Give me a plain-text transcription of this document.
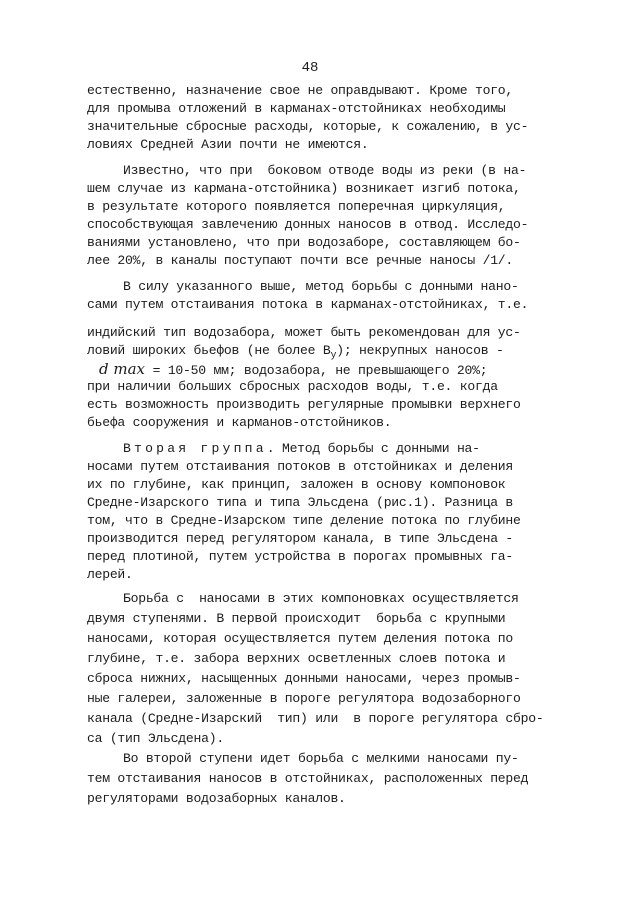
48
естественно, назначение свое не оправдывают. Кроме того,
для промыва отложений в карманах-отстойниках необходимы
значительные сбросные расходы, которые, к сожалению, в ус-
ловиях Средней Азии почти не имеются.
Известно, что при  боковом отводе воды из реки (в на-
шем случае из кармана-отстойника) возникает изгиб потока,
в результате которого появляется поперечная циркуляция,
способствующая завлечению донных наносов в отвод. Исследо-
ваниями установлено, что при водозаборе, составляющем бо-
лее 20%, в каналы поступают почти все речные наносы /1/.
В силу указанного выше, метод борьбы с донными нано-
сами путем отстаивания потока в карманах-отстойниках, т.е.
индийский тип водозабора, может быть рекомендован для ус-
ловий широких бьефов (не более $B_у$); некрупных наносов -
d max = 10-50 мм; водозабора, не превышающего 20%;
при наличии больших сбросных расходов воды, т.е. когда
есть возможность производить регулярные промывки верхнего
бьефа сооружения и карманов-отстойников.
Вторая группа. Метод борьбы с донными на-
носами путем отстаивания потоков в отстойниках и деления
их по глубине, как принцип, заложен в основу компоновок
Средне-Изарского типа и типа Эльсдена (рис.1). Разница в
том, что в Средне-Изарском типе деление потока по глубине
производится перед регулятором канала, в типе Эльсдена -
перед плотиной, путем устройства в порогах промывных га-
лерей.
Борьба с  наносами в этих компоновках осуществляется
двумя ступенями. В первой происходит  борьба с крупными
наносами, которая осуществляется путем деления потока по
глубине, т.е. забора верхних осветленных слоев потока и
сброса нижних, насыщенных донными наносами, через промыв-
ные галереи, заложенные в пороге регулятора водозаборного
канала (Средне-Изарский  тип) или  в пороге регулятора сбро-
са (тип Эльсдена).
Во второй ступени идет борьба с мелкими наносами пу-
тем отстаивания наносов в отстойниках, расположенных перед
регуляторами водозаборных каналов.
